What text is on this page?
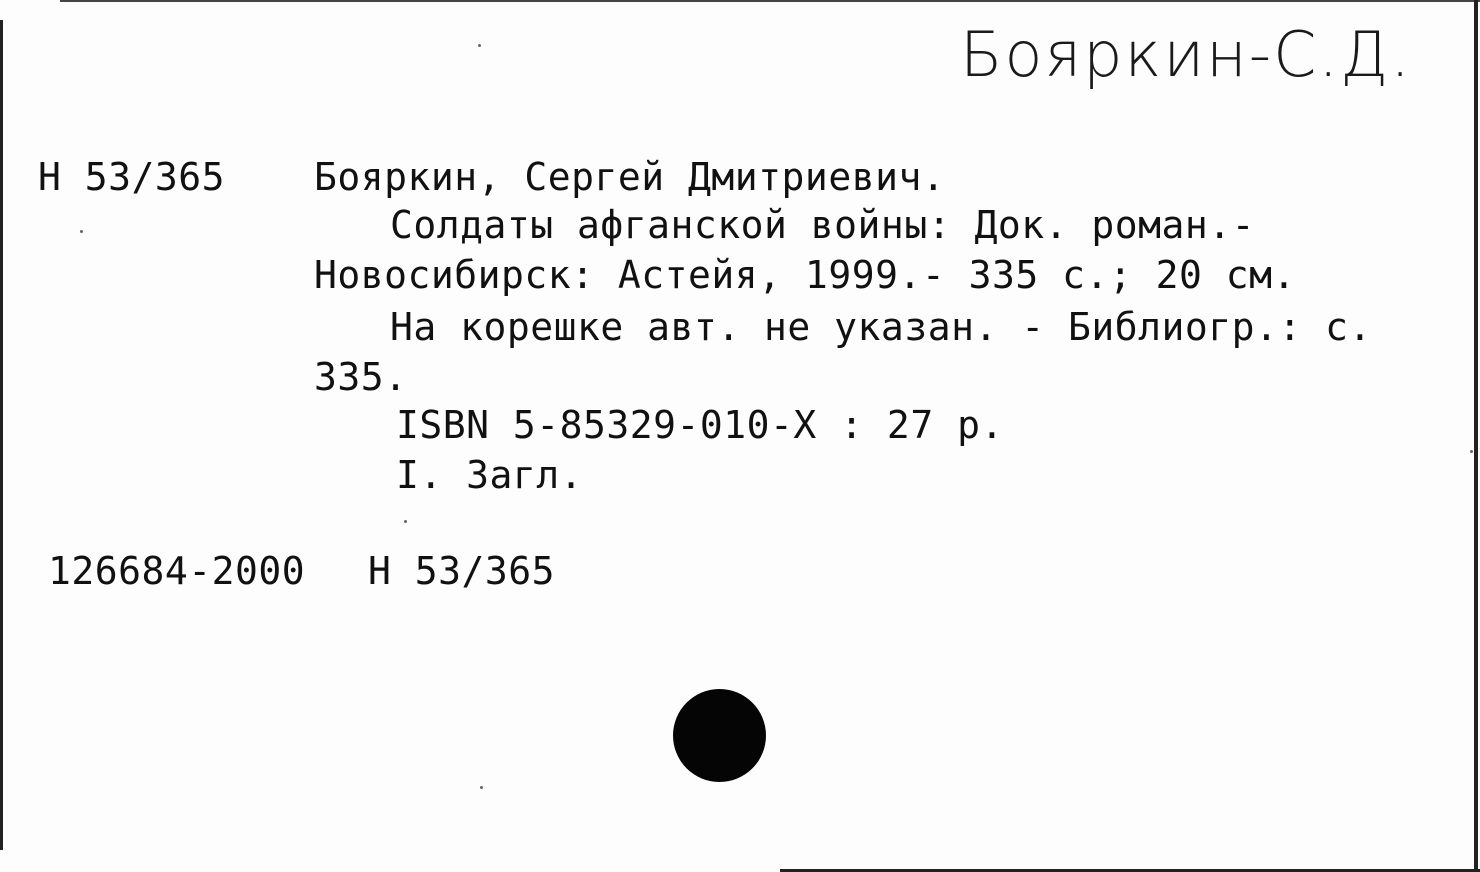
Бояркин-С.Д.
Н 53/365 Бояркин, Сергей Дмитриевич.
Солдаты афганской войны: Док. роман.-
Новосибирск: Астейя, 1999.- 335 с.; 20 см.
На корешке авт. не указан. - Библиогр.: с.
335.
ISBN 5-85329-010-X : 27 р.
I. Загл.
126684-2000 Н 53/365
